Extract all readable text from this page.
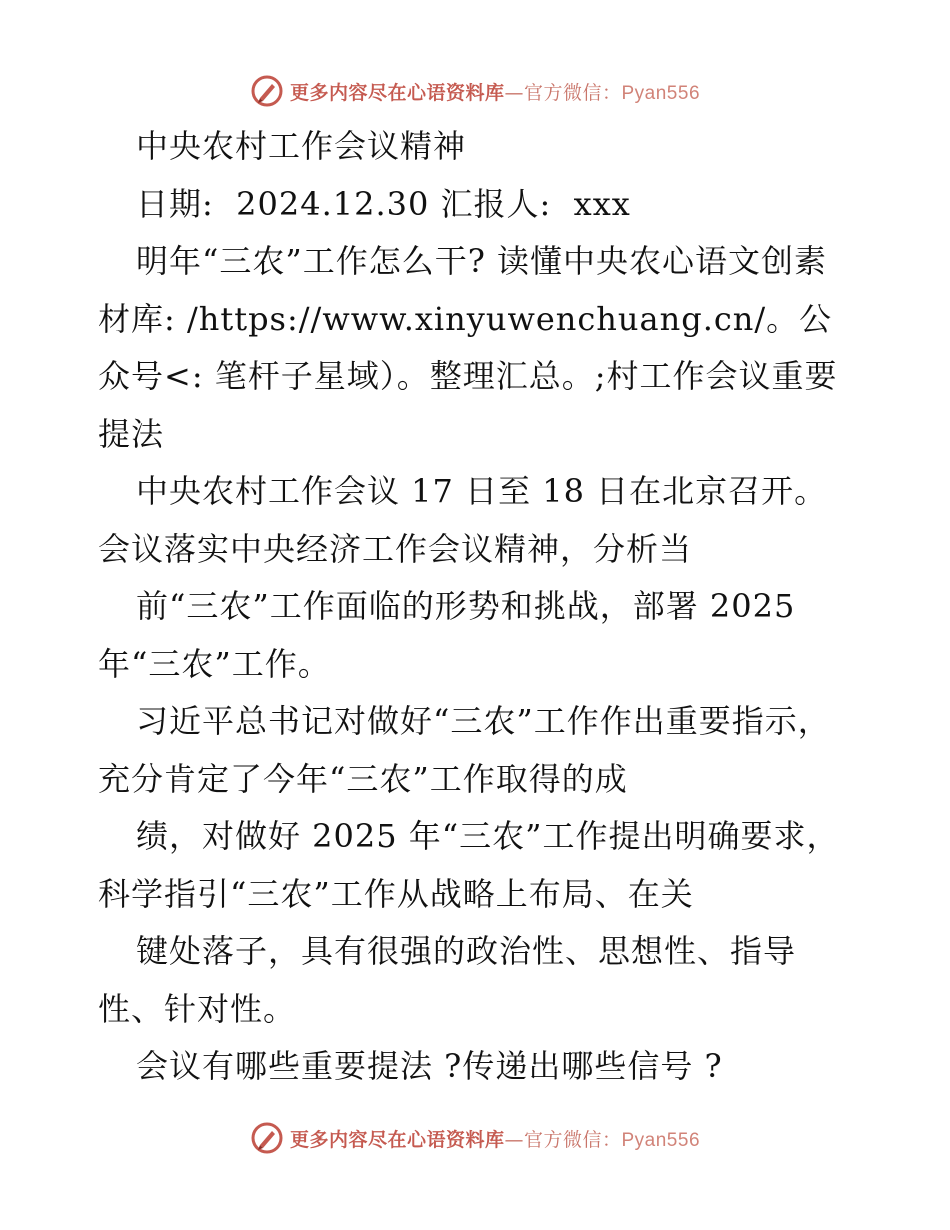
更多内容尽在心语资料库—官方微信：Pyan556

中央农村工作会议精神

日期:  2024.12.30 汇报人:  xxx

明年“三农”工作怎么干? 读懂中央农心语文创素材库: /https://www.xinyuwenchuang.cn/。公众号<: 笔杆子星域）。整理汇总。;村工作会议重要提法

中央农村工作会议 17 日至 18 日在北京召开。会议落实中央经济工作会议精神，分析当

前“三农”工作面临的形势和挑战，部署 2025 年“三农”工作。

习近平总书记对做好“三农”工作作出重要指示，充分肯定了今年“三农”工作取得的成

绩，对做好 2025 年“三农”工作提出明确要求，科学指引“三农”工作从战略上布局、在关

键处落子，具有很强的政治性、思想性、指导性、针对性。

会议有哪些重要提法 ?传递出哪些信号 ?

更多内容尽在心语资料库—官方微信：Pyan556
